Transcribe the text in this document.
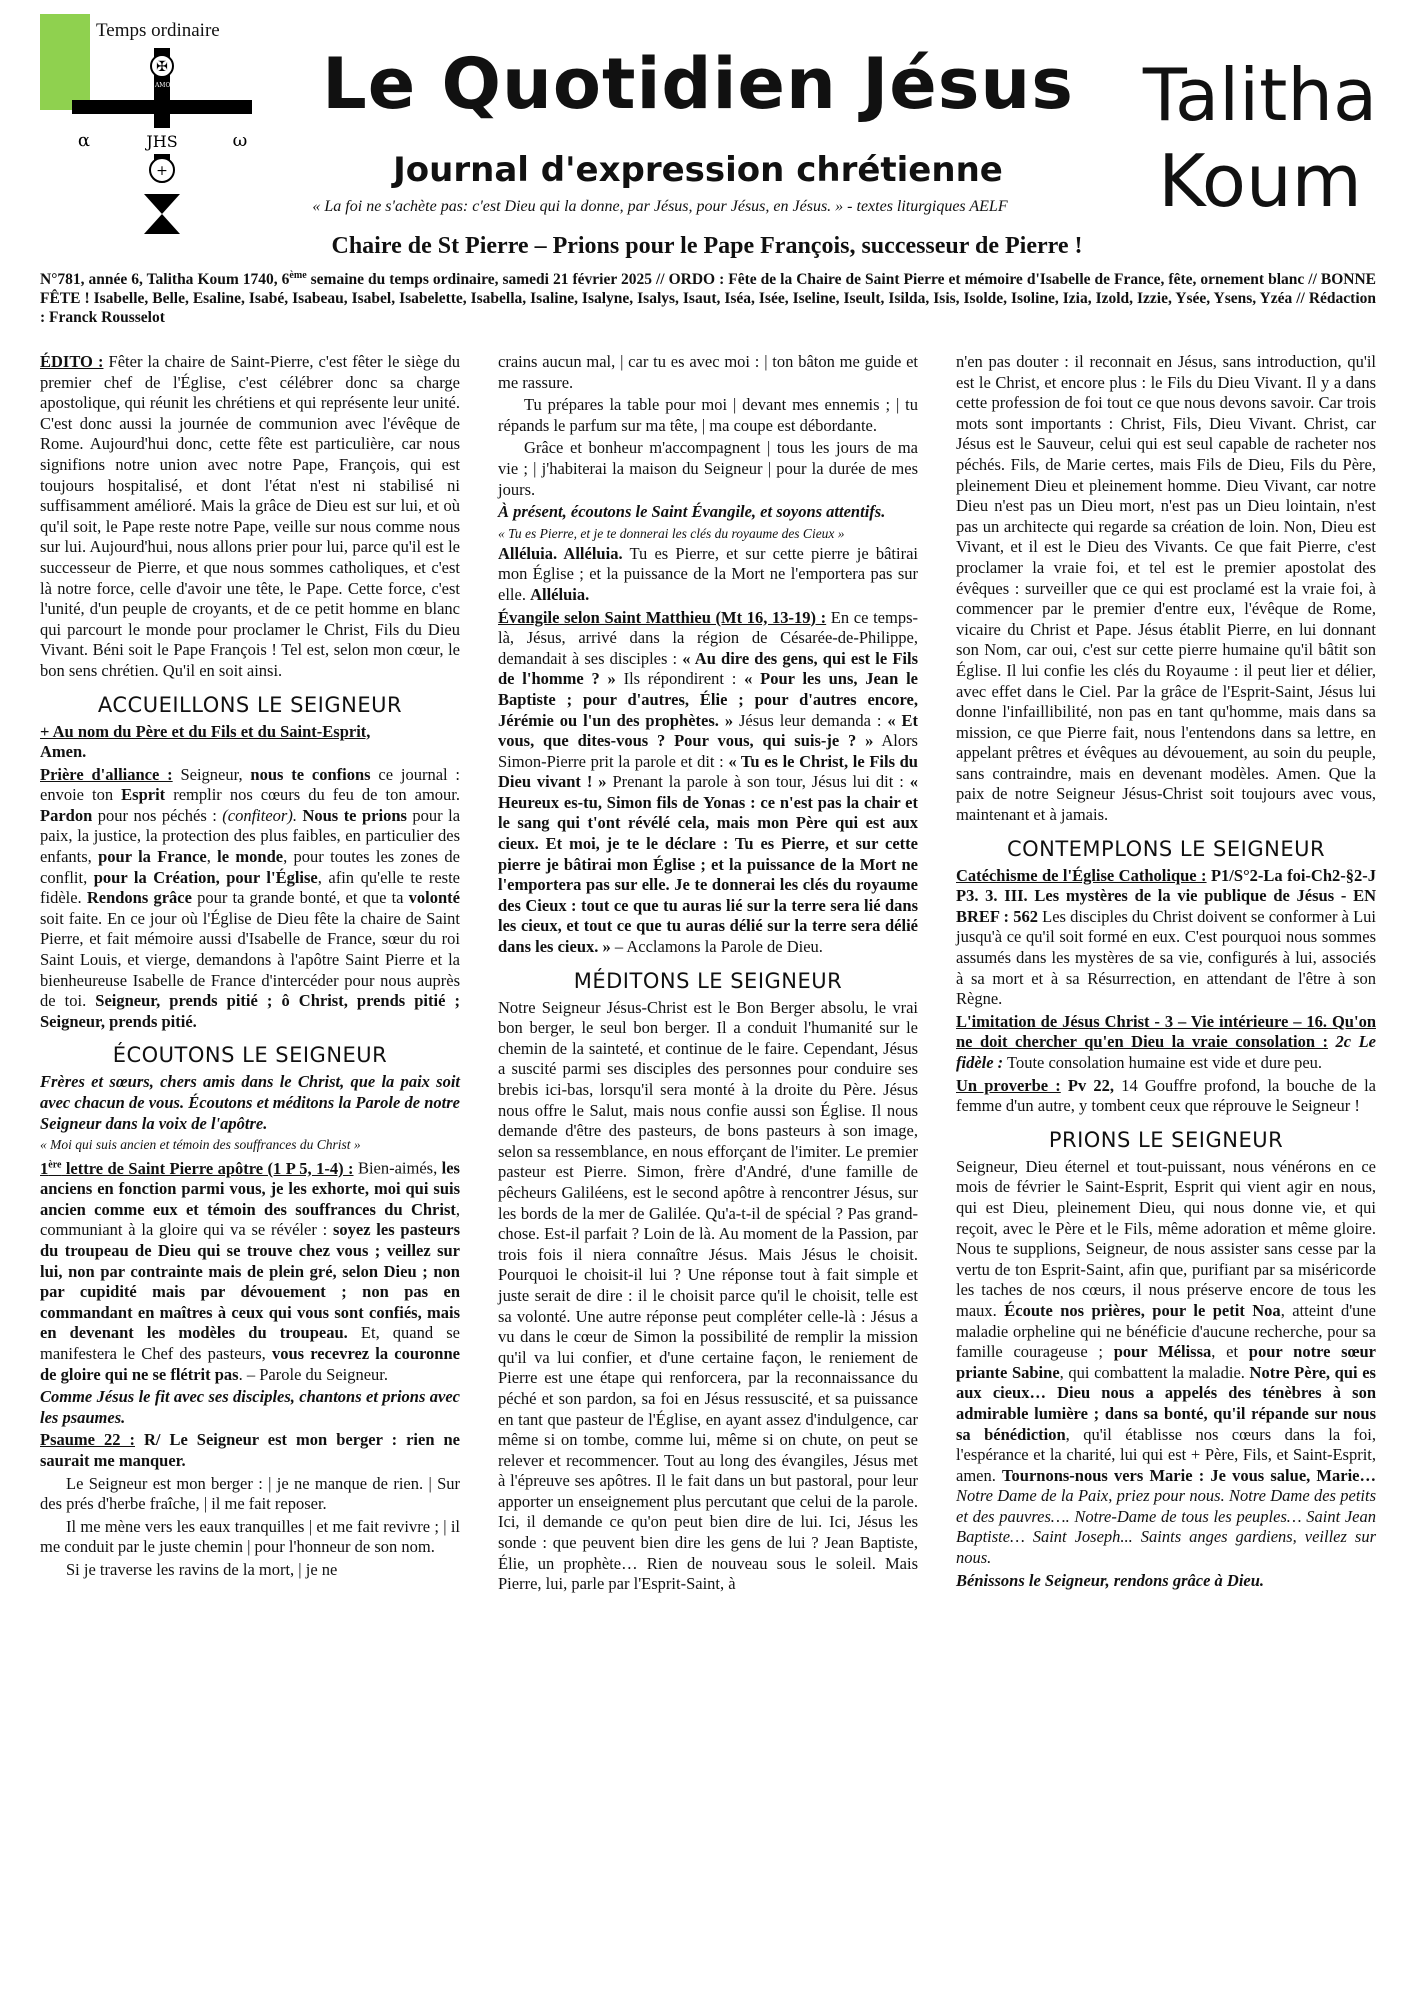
Temps ordinaire
✠
DEUS AMOR EST
α	ω
JHS
+
Le Quotidien Jésus
Journal d'expression chrétienne
« La foi ne s'achète pas: c'est Dieu qui la donne, par Jésus, pour Jésus, en Jésus. » - textes liturgiques AELF
Talitha Koum
Chaire de St Pierre – Prions pour le Pape François, successeur de Pierre !
N°781, année 6, Talitha Koum 1740, 6ème semaine du temps ordinaire, samedi 21 février 2025 // ORDO : Fête de la Chaire de Saint Pierre et mémoire d'Isabelle de France, fête, ornement blanc // BONNE FÊTE ! Isabelle, Belle, Esaline, Isabé, Isabeau, Isabel, Isabelette, Isabella, Isaline, Isalyne, Isalys, Isaut, Iséa, Isée, Iseline, Iseult, Isilda, Isis, Isolde, Isoline, Izia, Izold, Izzie, Ysée, Ysens, Yzéa // Rédaction : Franck Rousselot

ÉDITO : Fêter la chaire de Saint-Pierre, c'est fêter le siège du premier chef de l'Église, c'est célébrer donc sa charge apostolique, qui réunit les chrétiens et qui représente leur unité. C'est donc aussi la journée de communion avec l'évêque de Rome. Aujourd'hui donc, cette fête est particulière, car nous signifions notre union avec notre Pape, François, qui est toujours hospitalisé, et dont l'état n'est ni stabilisé ni suffisamment amélioré. Mais la grâce de Dieu est sur lui, et où qu'il soit, le Pape reste notre Pape, veille sur nous comme nous sur lui. Aujourd'hui, nous allons prier pour lui, parce qu'il est le successeur de Pierre, et que nous sommes catholiques, et c'est là notre force, celle d'avoir une tête, le Pape. Cette force, c'est l'unité, d'un peuple de croyants, et de ce petit homme en blanc qui parcourt le monde pour proclamer le Christ, Fils du Dieu Vivant. Béni soit le Pape François ! Tel est, selon mon cœur, le bon sens chrétien. Qu'il en soit ainsi.

ACCUEILLONS LE SEIGNEUR

+ Au nom du Père et du Fils et du Saint-Esprit,
Amen.

Prière d'alliance : Seigneur, nous te confions ce journal : envoie ton Esprit remplir nos cœurs du feu de ton amour. Pardon pour nos péchés : (confiteor). Nous te prions pour la paix, la justice, la protection des plus faibles, en particulier des enfants, pour la France, le monde, pour toutes les zones de conflit, pour la Création, pour l'Église, afin qu'elle te reste fidèle. Rendons grâce pour ta grande bonté, et que ta volonté soit faite. En ce jour où l'Église de Dieu fête la chaire de Saint Pierre, et fait mémoire aussi d'Isabelle de France, sœur du roi Saint Louis, et vierge, demandons à l'apôtre Saint Pierre et la bienheureuse Isabelle de France d'intercéder pour nous auprès de toi. Seigneur, prends pitié ; ô Christ, prends pitié ; Seigneur, prends pitié.

ÉCOUTONS LE SEIGNEUR

Frères et sœurs, chers amis dans le Christ, que la paix soit avec chacun de vous. Écoutons et méditons la Parole de notre Seigneur dans la voix de l'apôtre.

« Moi qui suis ancien et témoin des souffrances du Christ »

1ère lettre de Saint Pierre apôtre (1 P 5, 1-4) : Bien-aimés, les anciens en fonction parmi vous, je les exhorte, moi qui suis ancien comme eux et témoin des souffrances du Christ, communiant à la gloire qui va se révéler : soyez les pasteurs du troupeau de Dieu qui se trouve chez vous ; veillez sur lui, non par contrainte mais de plein gré, selon Dieu ; non par cupidité mais par dévouement ; non pas en commandant en maîtres à ceux qui vous sont confiés, mais en devenant les modèles du troupeau. Et, quand se manifestera le Chef des pasteurs, vous recevrez la couronne de gloire qui ne se flétrit pas. – Parole du Seigneur.

Comme Jésus le fit avec ses disciples, chantons et prions avec les psaumes.

Psaume 22 : R/ Le Seigneur est mon berger : rien ne saurait me manquer.

Le Seigneur est mon berger : | je ne manque de rien. | Sur des prés d'herbe fraîche, | il me fait reposer.

Il me mène vers les eaux tranquilles | et me fait revivre ; | il me conduit par le juste chemin | pour l'honneur de son nom.

Si je traverse les ravins de la mort, | je ne

crains aucun mal, | car tu es avec moi : | ton bâton me guide et me rassure.

Tu prépares la table pour moi | devant mes ennemis ; | tu répands le parfum sur ma tête, | ma coupe est débordante.

Grâce et bonheur m'accompagnent | tous les jours de ma vie ; | j'habiterai la maison du Seigneur | pour la durée de mes jours.

À présent, écoutons le Saint Évangile, et soyons attentifs.

« Tu es Pierre, et je te donnerai les clés du royaume des Cieux »

Alléluia. Alléluia. Tu es Pierre, et sur cette pierre je bâtirai mon Église ; et la puissance de la Mort ne l'emportera pas sur elle. Alléluia.

Évangile selon Saint Matthieu (Mt 16, 13-19) : En ce temps-là, Jésus, arrivé dans la région de Césarée-de-Philippe, demandait à ses disciples : « Au dire des gens, qui est le Fils de l'homme ? » Ils répondirent : « Pour les uns, Jean le Baptiste ; pour d'autres, Élie ; pour d'autres encore, Jérémie ou l'un des prophètes. » Jésus leur demanda : « Et vous, que dites-vous ? Pour vous, qui suis-je ? » Alors Simon-Pierre prit la parole et dit : « Tu es le Christ, le Fils du Dieu vivant ! » Prenant la parole à son tour, Jésus lui dit : « Heureux es-tu, Simon fils de Yonas : ce n'est pas la chair et le sang qui t'ont révélé cela, mais mon Père qui est aux cieux. Et moi, je te le déclare : Tu es Pierre, et sur cette pierre je bâtirai mon Église ; et la puissance de la Mort ne l'emportera pas sur elle. Je te donnerai les clés du royaume des Cieux : tout ce que tu auras lié sur la terre sera lié dans les cieux, et tout ce que tu auras délié sur la terre sera délié dans les cieux. » – Acclamons la Parole de Dieu.

MÉDITONS LE SEIGNEUR

Notre Seigneur Jésus-Christ est le Bon Berger absolu, le vrai bon berger, le seul bon berger. Il a conduit l'humanité sur le chemin de la sainteté, et continue de le faire. Cependant, Jésus a suscité parmi ses disciples des personnes pour conduire ses brebis ici-bas, lorsqu'il sera monté à la droite du Père. Jésus nous offre le Salut, mais nous confie aussi son Église. Il nous demande d'être des pasteurs, de bons pasteurs à son image, selon sa ressemblance, en nous efforçant de l'imiter. Le premier pasteur est Pierre. Simon, frère d'André, d'une famille de pêcheurs Galiléens, est le second apôtre à rencontrer Jésus, sur les bords de la mer de Galilée. Qu'a-t-il de spécial ? Pas grand-chose. Est-il parfait ? Loin de là. Au moment de la Passion, par trois fois il niera connaître Jésus. Mais Jésus le choisit. Pourquoi le choisit-il lui ? Une réponse tout à fait simple et juste serait de dire : il le choisit parce qu'il le choisit, telle est sa volonté. Une autre réponse peut compléter celle-là : Jésus a vu dans le cœur de Simon la possibilité de remplir la mission qu'il va lui confier, et d'une certaine façon, le reniement de Pierre est une étape qui renforcera, par la reconnaissance du péché et son pardon, sa foi en Jésus ressuscité, et sa puissance en tant que pasteur de l'Église, en ayant assez d'indulgence, car même si on tombe, comme lui, même si on chute, on peut se relever et recommencer. Tout au long des évangiles, Jésus met à l'épreuve ses apôtres. Il le fait dans un but pastoral, pour leur apporter un enseignement plus percutant que celui de la parole. Ici, il demande ce qu'on peut bien dire de lui. Ici, Jésus les sonde : que peuvent bien dire les gens de lui ? Jean Baptiste, Élie, un prophète… Rien de nouveau sous le soleil. Mais Pierre, lui, parle par l'Esprit-Saint, à

n'en pas douter : il reconnait en Jésus, sans introduction, qu'il est le Christ, et encore plus : le Fils du Dieu Vivant. Il y a dans cette profession de foi tout ce que nous devons savoir. Car trois mots sont importants : Christ, Fils, Dieu Vivant. Christ, car Jésus est le Sauveur, celui qui est seul capable de racheter nos péchés. Fils, de Marie certes, mais Fils de Dieu, Fils du Père, pleinement Dieu et pleinement homme. Dieu Vivant, car notre Dieu n'est pas un Dieu mort, n'est pas un Dieu lointain, n'est pas un architecte qui regarde sa création de loin. Non, Dieu est Vivant, et il est le Dieu des Vivants. Ce que fait Pierre, c'est proclamer la vraie foi, et tel est le premier apostolat des évêques : surveiller que ce qui est proclamé est la vraie foi, à commencer par le premier d'entre eux, l'évêque de Rome, vicaire du Christ et Pape. Jésus établit Pierre, en lui donnant son Nom, car oui, c'est sur cette pierre humaine qu'il bâtit son Église. Il lui confie les clés du Royaume : il peut lier et délier, avec effet dans le Ciel. Par la grâce de l'Esprit-Saint, Jésus lui donne l'infaillibilité, non pas en tant qu'homme, mais dans sa mission, ce que Pierre fait, nous l'entendons dans sa lettre, en appelant prêtres et évêques au dévouement, au soin du peuple, sans contraindre, mais en devenant modèles. Amen. Que la paix de notre Seigneur Jésus-Christ soit toujours avec vous, maintenant et à jamais.

CONTEMPLONS LE SEIGNEUR

Catéchisme de l'Église Catholique : P1/S°2-La foi-Ch2-§2-J P3. 3. III. Les mystères de la vie publique de Jésus - EN BREF : 562 Les disciples du Christ doivent se conformer à Lui jusqu'à ce qu'il soit formé en eux. C'est pourquoi nous sommes assumés dans les mystères de sa vie, configurés à lui, associés à sa mort et à sa Résurrection, en attendant de l'être à son Règne.

L'imitation de Jésus Christ - 3 – Vie intérieure – 16. Qu'on ne doit chercher qu'en Dieu la vraie consolation : 2c Le fidèle : Toute consolation humaine est vide et dure peu.

Un proverbe : Pv 22, 14 Gouffre profond, la bouche de la femme d'un autre, y tombent ceux que réprouve le Seigneur !

PRIONS LE SEIGNEUR

Seigneur, Dieu éternel et tout-puissant, nous vénérons en ce mois de février le Saint-Esprit, Esprit qui vient agir en nous, qui est Dieu, pleinement Dieu, qui nous donne vie, et qui reçoit, avec le Père et le Fils, même adoration et même gloire. Nous te supplions, Seigneur, de nous assister sans cesse par la vertu de ton Esprit-Saint, afin que, purifiant par sa miséricorde les taches de nos cœurs, il nous préserve encore de tous les maux. Écoute nos prières, pour le petit Noa, atteint d'une maladie orpheline qui ne bénéficie d'aucune recherche, pour sa famille courageuse ; pour Mélissa, et pour notre sœur priante Sabine, qui combattent la maladie. Notre Père, qui es aux cieux… Dieu nous a appelés des ténèbres à son admirable lumière ; dans sa bonté, qu'il répande sur nous sa bénédiction, qu'il établisse nos cœurs dans la foi, l'espérance et la charité, lui qui est + Père, Fils, et Saint-Esprit, amen. Tournons-nous vers Marie : Je vous salue, Marie… Notre Dame de la Paix, priez pour nous. Notre Dame des petits et des pauvres…. Notre-Dame de tous les peuples… Saint Jean Baptiste… Saint Joseph... Saints anges gardiens, veillez sur nous.

Bénissons le Seigneur, rendons grâce à Dieu.
